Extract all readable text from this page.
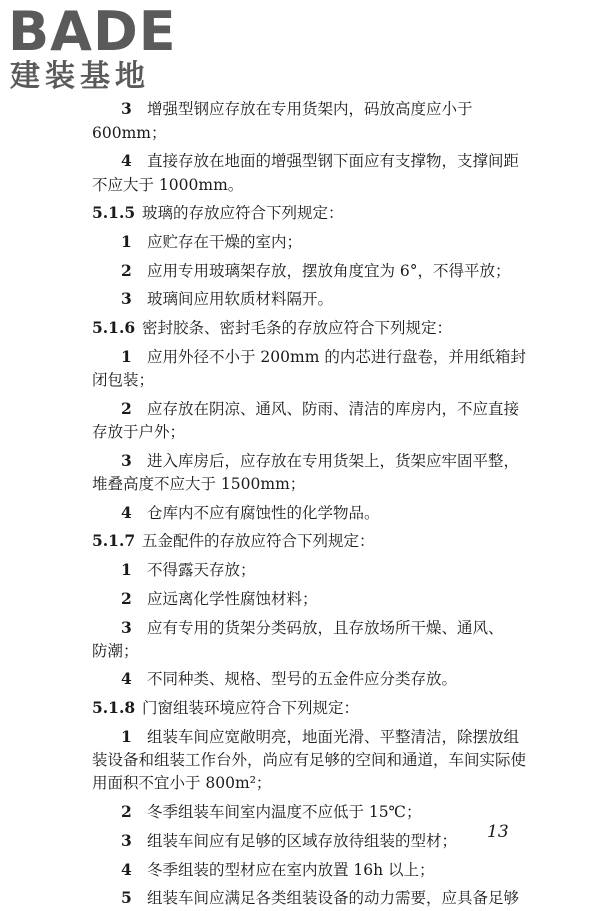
BADE
建装基地
3 增强型钢应存放在专用货架内，码放高度应小于
600mm；
4 直接存放在地面的增强型钢下面应有支撑物，支撑间距
不应大于 1000mm。
5.1.5 玻璃的存放应符合下列规定：
1 应贮存在干燥的室内；
2 应用专用玻璃架存放，摆放角度宜为 6°，不得平放；
3 玻璃间应用软质材料隔开。
5.1.6 密封胶条、密封毛条的存放应符合下列规定：
1 应用外径不小于 200mm 的内芯进行盘卷，并用纸箱封
闭包装；
2 应存放在阴凉、通风、防雨、清洁的库房内，不应直接
存放于户外；
3 进入库房后，应存放在专用货架上，货架应牢固平整，
堆叠高度不应大于 1500mm；
4 仓库内不应有腐蚀性的化学物品。
5.1.7 五金配件的存放应符合下列规定：
1 不得露天存放；
2 应远离化学性腐蚀材料；
3 应有专用的货架分类码放，且存放场所干燥、通风、
防潮；
4 不同种类、规格、型号的五金件应分类存放。
5.1.8 门窗组装环境应符合下列规定：
1 组装车间应宽敞明亮，地面光滑、平整清洁，除摆放组
装设备和组装工作台外，尚应有足够的空间和通道，车间实际使
用面积不宜小于 800m²；
2 冬季组装车间室内温度不应低于 15℃；
3 组装车间应有足够的区域存放待组装的型材；
4 冬季组装的型材应在室内放置 16h 以上；
5 组装车间应满足各类组装设备的动力需要，应具备足够
13
